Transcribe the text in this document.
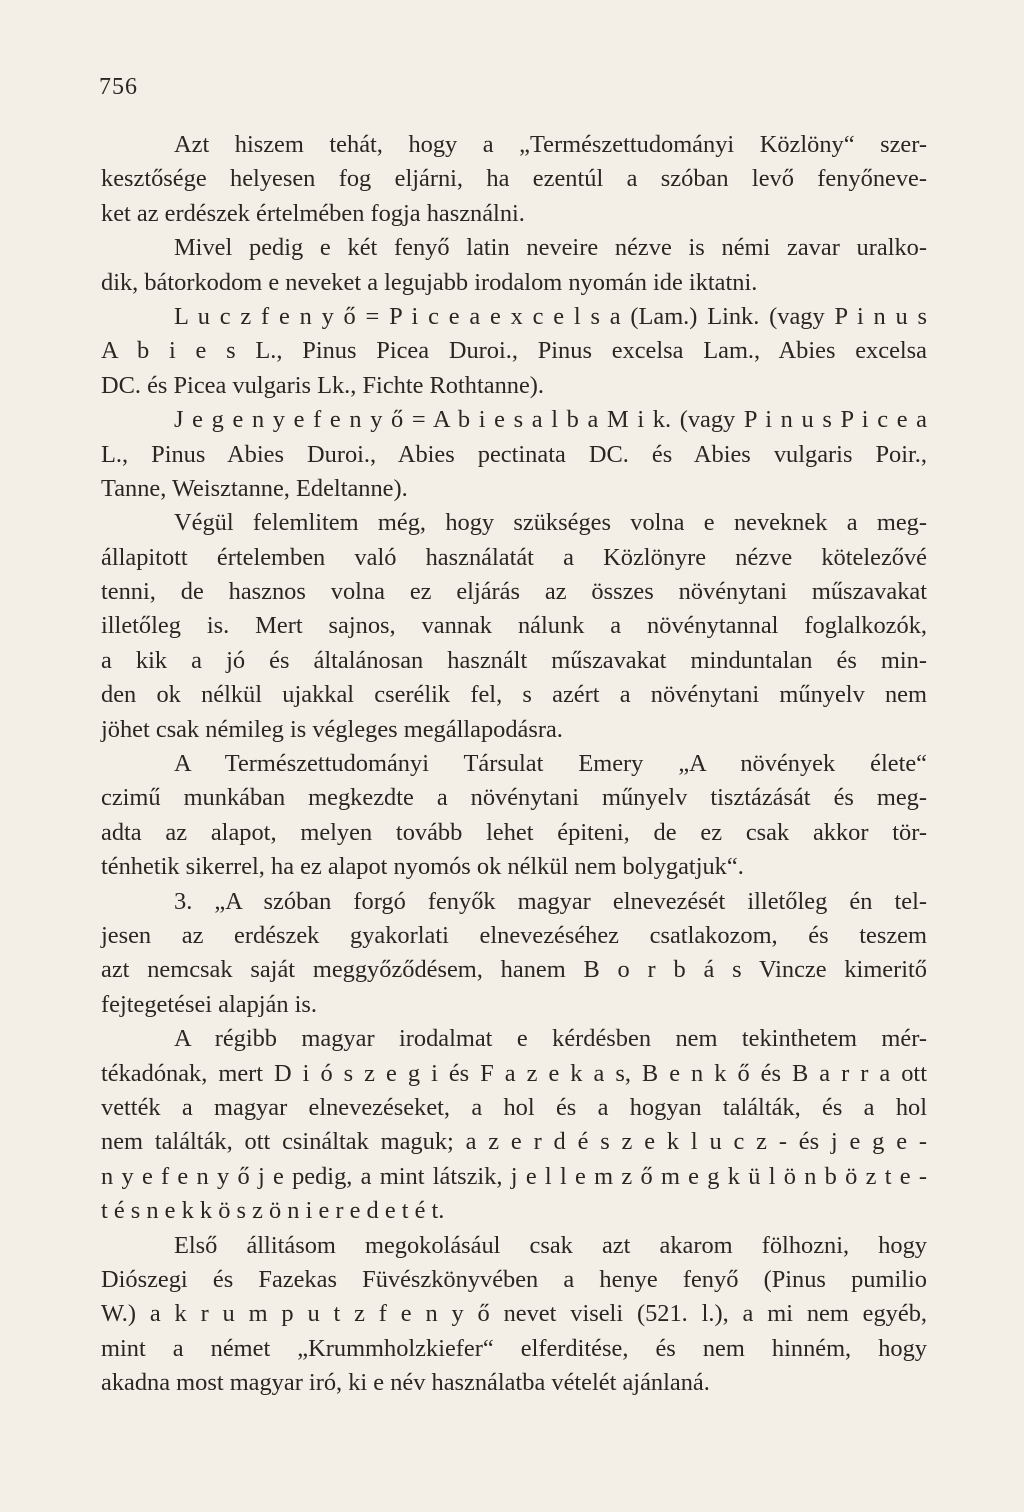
756
Azt hiszem tehát, hogy a „Természettudományi Közlöny“ szer-
kesztősége helyesen fog eljárni, ha ezentúl a szóban levő fenyőneve-
ket az erdészek értelmében fogja használni.
Mivel pedig e két fenyő latin neveire nézve is némi zavar uralko-
dik, bátorkodom e neveket a legujabb irodalom nyomán ide iktatni.
L u c z f e n y ő = P i c e a e x c e l s a (Lam.) Link. (vagy P i n u s
A b i e s L., Pinus Picea Duroi., Pinus excelsa Lam., Abies excelsa
DC. és Picea vulgaris Lk., Fichte Rothtanne).
J e g e n y e f e n y ő = A b i e s a l b a M i k. (vagy P i n u s P i c e a
L., Pinus Abies Duroi., Abies pectinata DC. és Abies vulgaris Poir.,
Tanne, Weisztanne, Edeltanne).
Végül felemlitem még, hogy szükséges volna e neveknek a meg-
állapitott értelemben való használatát a Közlönyre nézve kötelezővé
tenni, de hasznos volna ez eljárás az összes növénytani műszavakat
illetőleg is. Mert sajnos, vannak nálunk a növénytannal foglalkozók,
a kik a jó és általánosan használt műszavakat minduntalan és min-
den ok nélkül ujakkal cserélik fel, s azért a növénytani műnyelv nem
jöhet csak némileg is végleges megállapodásra.
A Természettudományi Társulat Emery „A növények élete“
czimű munkában megkezdte a növénytani műnyelv tisztázását és meg-
adta az alapot, melyen tovább lehet épiteni, de ez csak akkor tör-
ténhetik sikerrel, ha ez alapot nyomós ok nélkül nem bolygatjuk“.
3. „A szóban forgó fenyők magyar elnevezését illetőleg én tel-
jesen az erdészek gyakorlati elnevezéséhez csatlakozom, és teszem
azt nemcsak saját meggyőződésem, hanem B o r b á s Vincze kimeritő
fejtegetései alapján is.
A régibb magyar irodalmat e kérdésben nem tekinthetem mér-
tékadónak, mert D i ó s z e g i és F a z e k a s, B e n k ő és B a r r a ott
vették a magyar elnevezéseket, a hol és a hogyan találták, és a hol
nem találták, ott csináltak maguk; a z e r d é s z e k l u c z - és j e g e -
n y e f e n y ő j e pedig, a mint látszik, j e l l e m z ő m e g k ü l ö n b ö z t e -
t é s n e k k ö s z ö n i e r e d e t é t.
Első állitásom megokolásául csak azt akarom fölhozni, hogy
Diószegi és Fazekas Füvészkönyvében a henye fenyő (Pinus pumilio
W.) a k r u m p u t z f e n y ő nevet viseli (521. l.), a mi nem egyéb,
mint a német „Krummholzkiefer“ elferditése, és nem hinném, hogy
akadna most magyar iró, ki e név használatba vételét ajánlaná.
